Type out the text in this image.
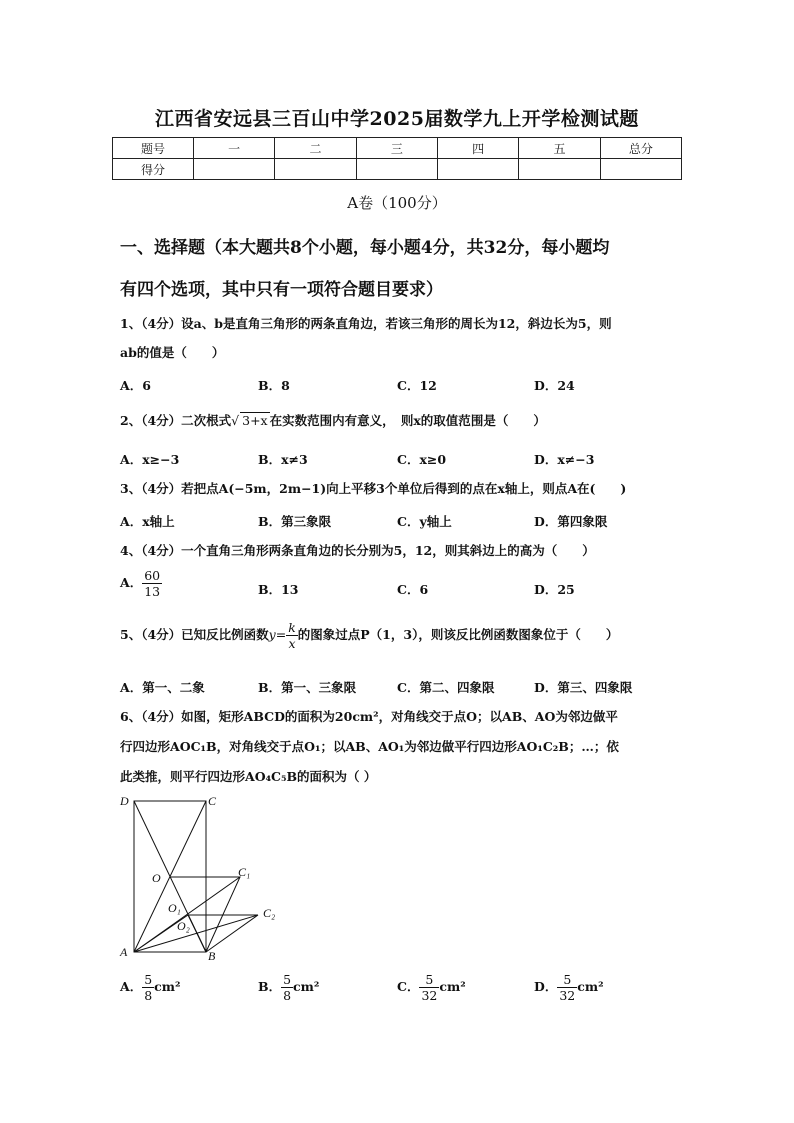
江西省安远县三百山中学2025届数学九上开学检测试题
题号	一	二	三	四	五	总分
得分						
A卷（100分）
一、选择题（本大题共8个小题，每小题4分，共32分，每小题均
有四个选项，其中只有一项符合题目要求）
1、（4分）设a、b是直角三角形的两条直角边，若该三角形的周长为12，斜边长为5，则
ab的值是（　　）
A．6	B．8	C．12	D．24
2、（4分）二次根式√ 3+x 在实数范围内有意义，　则x的取值范围是（　　）
A．x≥−3	B．x≠3	C．x≥0	D．x≠−3
3、（4分）若把点A(−5m，2m−1)向上平移3个单位后得到的点在x轴上，则点A在(　　)
A．x轴上	B．第三象限	C．y轴上	D．第四象限
4、（4分）一个直角三角形两条直角边的长分别为5，12，则其斜边上的高为（　　）
A． $\frac{60}{13}$	B．13	C．6	D．25
5、（4分）已知反比例函数$y= \frac{k}{x}$ 的图象过点P（1，3），则该反比例函数图象位于（　　）
A．第一、二象	B．第一、三象限	C．第二、四象限	D．第三、四象限
6、（4分）如图，矩形ABCD的面积为20cm²，对角线交于点O；以AB、AO为邻边做平
行四边形AOC₁B，对角线交于点O₁；以AB、AO₁为邻边做平行四边形AO₁C₂B；…；依
此类推，则平行四边形AO₄C₅B的面积为（ ）
D	C
O	C₁
O₁	C₂
O₂
A	B
A． $\frac{5}{8} cm^2$	B． $\frac{5}{8} cm^2$	C． $\frac{5}{32} cm^2$	D． $\frac{5}{32} cm^2$
